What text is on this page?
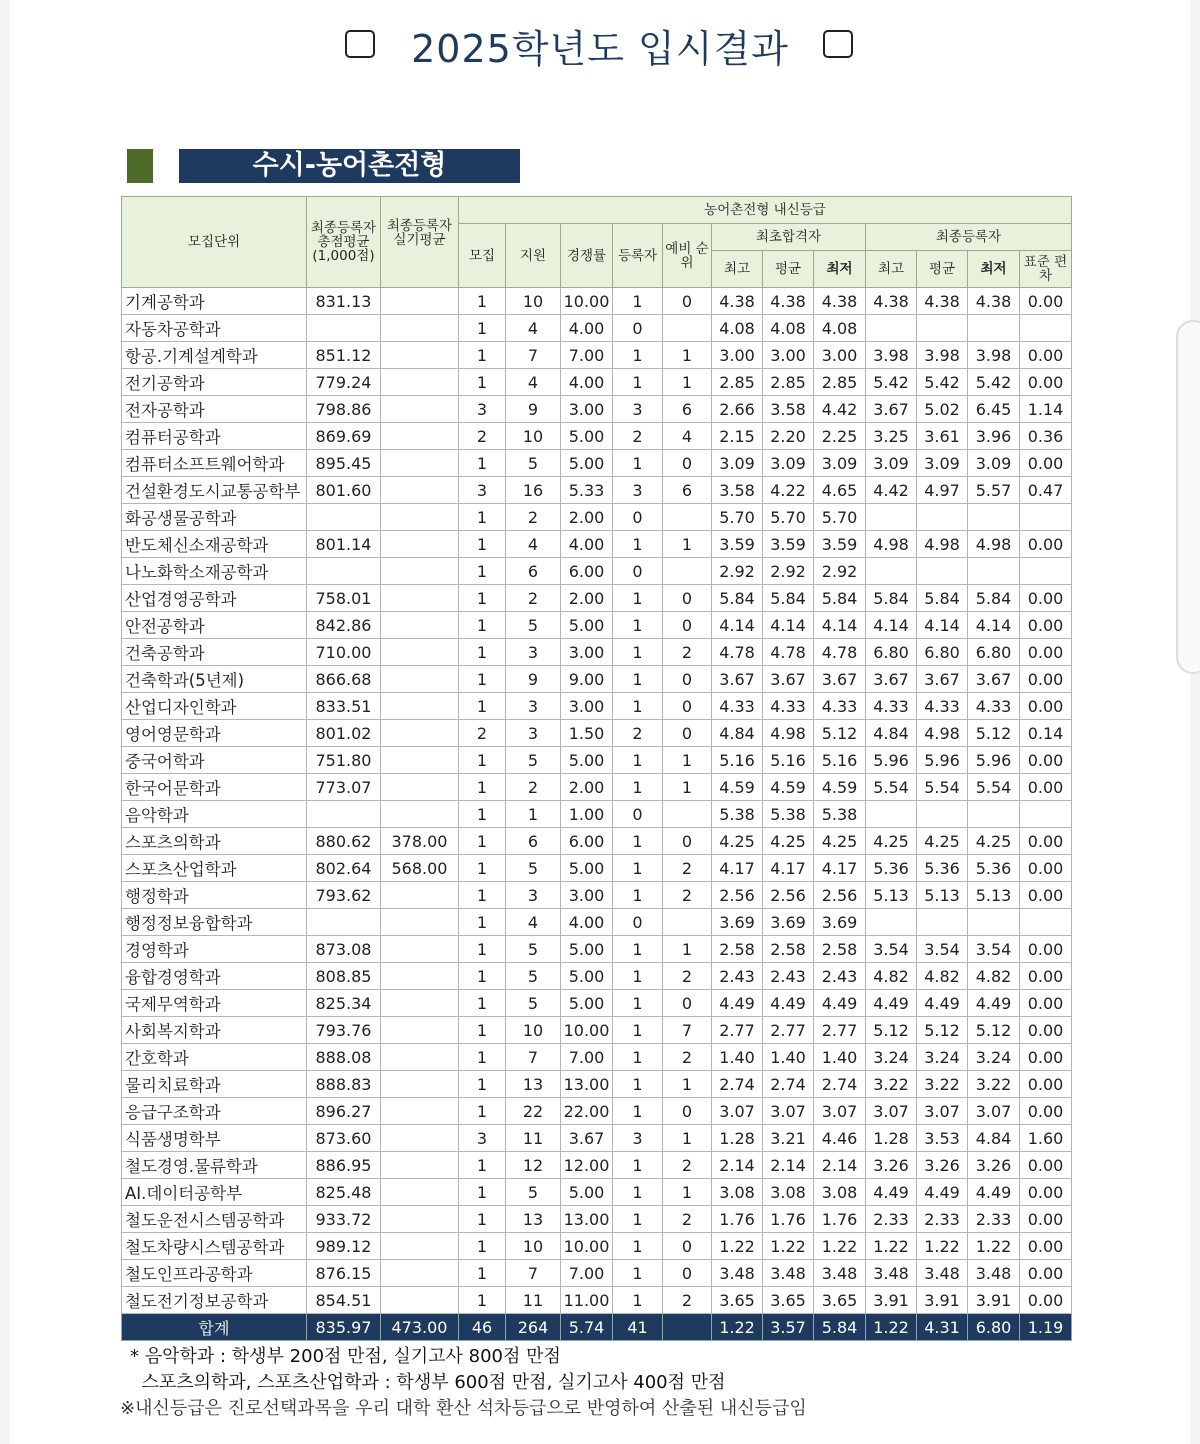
2025학년도 입시결과
수시-농어촌전형
모집단위	최종등록자 총점평균 (1,000점)	최종등록자 실기평균	농어촌전형 내신등급											
			모집	지원	경쟁률	등록자	예비 순위	최초합격자			최종등록자			
								최고	평균	최저	최고	평균	최저	표준 편차
기계공학과	831.13		1	10	10.00	1	0	4.38	4.38	4.38	4.38	4.38	4.38	0.00
자동차공학과			1	4	4.00	0		4.08	4.08	4.08				
항공.기계설계학과	851.12		1	7	7.00	1	1	3.00	3.00	3.00	3.98	3.98	3.98	0.00
전기공학과	779.24		1	4	4.00	1	1	2.85	2.85	2.85	5.42	5.42	5.42	0.00
전자공학과	798.86		3	9	3.00	3	6	2.66	3.58	4.42	3.67	5.02	6.45	1.14
컴퓨터공학과	869.69		2	10	5.00	2	4	2.15	2.20	2.25	3.25	3.61	3.96	0.36
컴퓨터소프트웨어학과	895.45		1	5	5.00	1	0	3.09	3.09	3.09	3.09	3.09	3.09	0.00
건설환경도시교통공학부	801.60		3	16	5.33	3	6	3.58	4.22	4.65	4.42	4.97	5.57	0.47
화공생물공학과			1	2	2.00	0		5.70	5.70	5.70				
반도체신소재공학과	801.14		1	4	4.00	1	1	3.59	3.59	3.59	4.98	4.98	4.98	0.00
나노화학소재공학과			1	6	6.00	0		2.92	2.92	2.92				
산업경영공학과	758.01		1	2	2.00	1	0	5.84	5.84	5.84	5.84	5.84	5.84	0.00
안전공학과	842.86		1	5	5.00	1	0	4.14	4.14	4.14	4.14	4.14	4.14	0.00
건축공학과	710.00		1	3	3.00	1	2	4.78	4.78	4.78	6.80	6.80	6.80	0.00
건축학과(5년제)	866.68		1	9	9.00	1	0	3.67	3.67	3.67	3.67	3.67	3.67	0.00
산업디자인학과	833.51		1	3	3.00	1	0	4.33	4.33	4.33	4.33	4.33	4.33	0.00
영어영문학과	801.02		2	3	1.50	2	0	4.84	4.98	5.12	4.84	4.98	5.12	0.14
중국어학과	751.80		1	5	5.00	1	1	5.16	5.16	5.16	5.96	5.96	5.96	0.00
한국어문학과	773.07		1	2	2.00	1	1	4.59	4.59	4.59	5.54	5.54	5.54	0.00
음악학과			1	1	1.00	0		5.38	5.38	5.38				
스포츠의학과	880.62	378.00	1	6	6.00	1	0	4.25	4.25	4.25	4.25	4.25	4.25	0.00
스포츠산업학과	802.64	568.00	1	5	5.00	1	2	4.17	4.17	4.17	5.36	5.36	5.36	0.00
행정학과	793.62		1	3	3.00	1	2	2.56	2.56	2.56	5.13	5.13	5.13	0.00
행정정보융합학과			1	4	4.00	0		3.69	3.69	3.69				
경영학과	873.08		1	5	5.00	1	1	2.58	2.58	2.58	3.54	3.54	3.54	0.00
융합경영학과	808.85		1	5	5.00	1	2	2.43	2.43	2.43	4.82	4.82	4.82	0.00
국제무역학과	825.34		1	5	5.00	1	0	4.49	4.49	4.49	4.49	4.49	4.49	0.00
사회복지학과	793.76		1	10	10.00	1	7	2.77	2.77	2.77	5.12	5.12	5.12	0.00
간호학과	888.08		1	7	7.00	1	2	1.40	1.40	1.40	3.24	3.24	3.24	0.00
물리치료학과	888.83		1	13	13.00	1	1	2.74	2.74	2.74	3.22	3.22	3.22	0.00
응급구조학과	896.27		1	22	22.00	1	0	3.07	3.07	3.07	3.07	3.07	3.07	0.00
식품생명학부	873.60		3	11	3.67	3	1	1.28	3.21	4.46	1.28	3.53	4.84	1.60
철도경영.물류학과	886.95		1	12	12.00	1	2	2.14	2.14	2.14	3.26	3.26	3.26	0.00
AI.데이터공학부	825.48		1	5	5.00	1	1	3.08	3.08	3.08	4.49	4.49	4.49	0.00
철도운전시스템공학과	933.72		1	13	13.00	1	2	1.76	1.76	1.76	2.33	2.33	2.33	0.00
철도차량시스템공학과	989.12		1	10	10.00	1	0	1.22	1.22	1.22	1.22	1.22	1.22	0.00
철도인프라공학과	876.15		1	7	7.00	1	0	3.48	3.48	3.48	3.48	3.48	3.48	0.00
철도전기정보공학과	854.51		1	11	11.00	1	2	3.65	3.65	3.65	3.91	3.91	3.91	0.00
합계	835.97	473.00	46	264	5.74	41		1.22	3.57	5.84	1.22	4.31	6.80	1.19
* 음악학과 : 학생부 200점 만점, 실기고사 800점 만점
스포츠의학과, 스포츠산업학과 : 학생부 600점 만점, 실기고사 400점 만점
※내신등급은 진로선택과목을 우리 대학 환산 석차등급으로 반영하여 산출된 내신등급임
